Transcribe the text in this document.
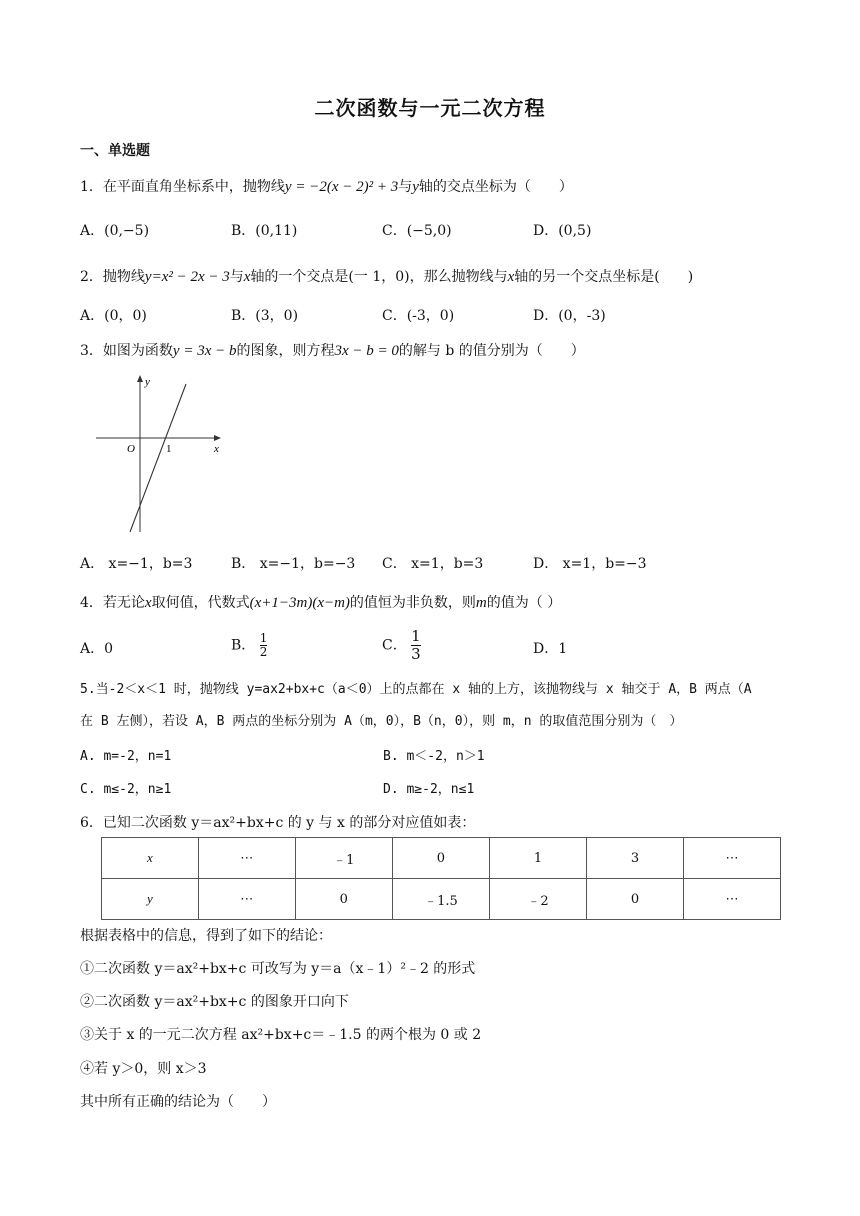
二次函数与一元二次方程
一、单选题
1．在平面直角坐标系中，抛物线y = −2(x − 2)² + 3与y轴的交点坐标为（　　）
A．(0,−5)	B．(0,11)	C．(−5,0)	D．(0,5)
2．抛物线y=x² − 2x − 3与x轴的一个交点是(一 1，0)，那么抛物线与x轴的另一个交点坐标是(　　)
A．(0，0)	B．(3，0)	C．(-3，0)	D．(0，-3)
3．如图为函数y = 3x − b的图象，则方程3x − b = 0的解与 b 的值分别为（　　）
y
x
O	1
A． x=−1，b=3	B． x=−1，b=−3 C． x=1，b=3	D． x=1，b=−3
4．若无论x取何值，代数式(x+1−3m)(x−m)的值恒为非负数，则m的值为（ ）
A．0	B． $\frac{1}{2}$	C． $\frac{1}{3}$	D．1
5.当-2＜x＜1 时，抛物线 y=ax2+bx+c（a＜0）上的点都在 x 轴的上方，该抛物线与 x 轴交于 A，B 两点（A
在 B 左侧），若设 A，B 两点的坐标分别为 A（m，0），B（n，0），则 m，n 的取值范围分别为（　）
A. m=-2，n=1	B. m＜-2，n＞1
C. m≤-2，n≥1	D. m≥-2，n≤1
6．已知二次函数 y＝ax²+bx+c 的 y 与 x 的部分对应值如表：
x	⋯	﹣1	0	1	3	⋯
y	⋯	0	﹣1.5	﹣2	0	⋯
根据表格中的信息，得到了如下的结论：
①二次函数 y＝ax²+bx+c 可改写为 y＝a（x﹣1）²﹣2 的形式
②二次函数 y＝ax²+bx+c 的图象开口向下
③关于 x 的一元二次方程 ax²+bx+c＝﹣1.5 的两个根为 0 或 2
④若 y＞0，则 x＞3
其中所有正确的结论为（　　）
